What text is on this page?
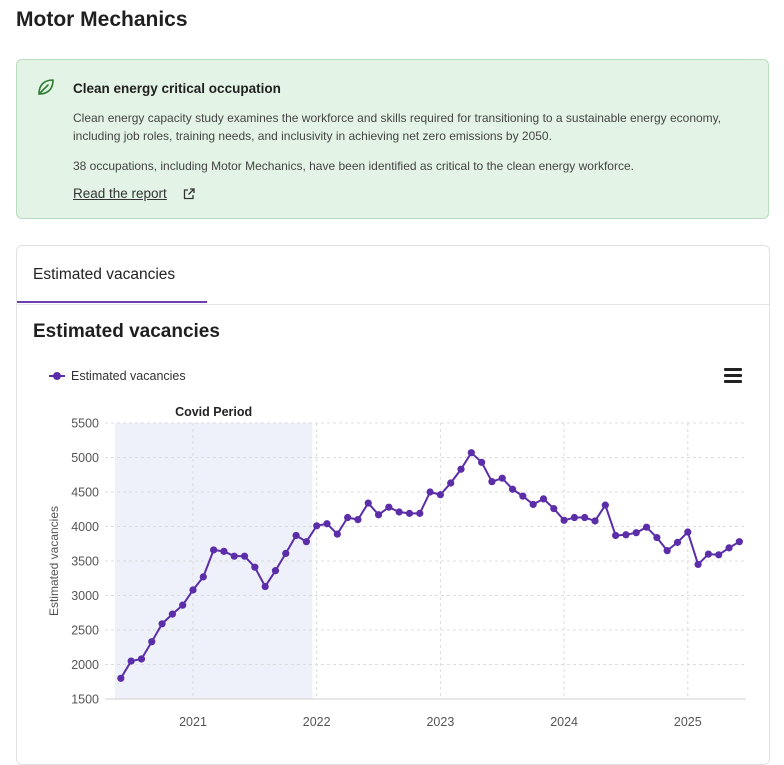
Motor Mechanics
Clean energy critical occupation
Clean energy capacity study examines the workforce and skills required for transitioning to a sustainable energy economy, including job roles, training needs, and inclusivity in achieving net zero emissions by 2050.
38 occupations, including Motor Mechanics, have been identified as critical to the clean energy workforce.
Read the report
Estimated vacancies
Estimated vacancies
Estimated vacancies
Covid Period
1500
2000
2500
3000
3500
4000
4500
5000
5500
2021	2022	2023	2024	2025
Estimated vacancies
